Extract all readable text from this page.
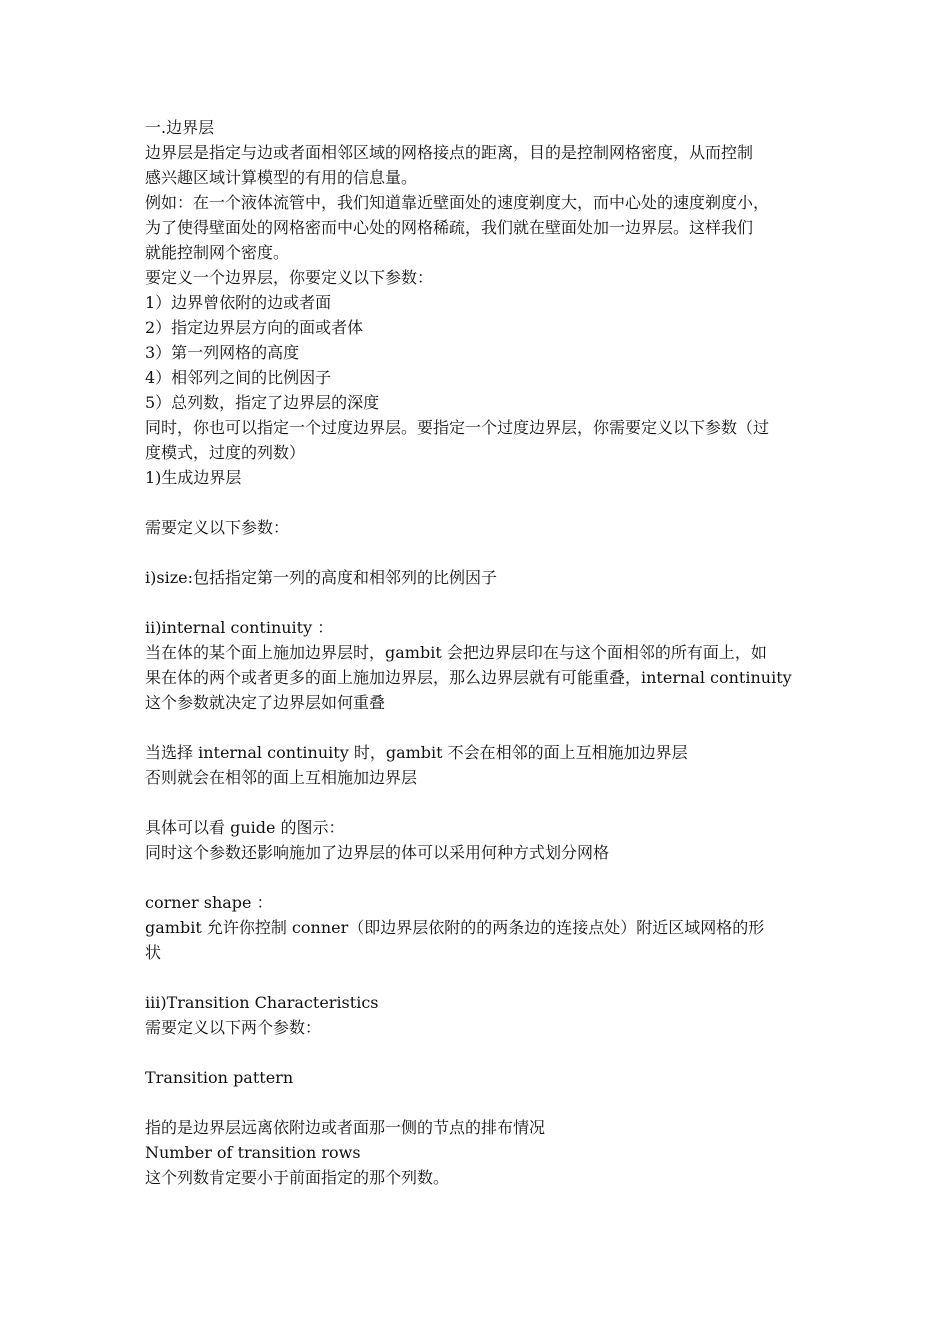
一.边界层
边界层是指定与边或者面相邻区域的网格接点的距离，目的是控制网格密度，从而控制
感兴趣区域计算模型的有用的信息量。
例如：在一个液体流管中，我们知道靠近壁面处的速度剃度大，而中心处的速度剃度小，
为了使得壁面处的网格密而中心处的网格稀疏，我们就在壁面处加一边界层。这样我们
就能控制网个密度。
要定义一个边界层，你要定义以下参数：
1）边界曾依附的边或者面
2）指定边界层方向的面或者体
3）第一列网格的高度
4）相邻列之间的比例因子
5）总列数，指定了边界层的深度
同时，你也可以指定一个过度边界层。要指定一个过度边界层，你需要定义以下参数（过
度模式，过度的列数）
1)生成边界层
需要定义以下参数：
i)size:包括指定第一列的高度和相邻列的比例因子
ii)internal continuity ：
当在体的某个面上施加边界层时，gambit 会把边界层印在与这个面相邻的所有面上，如
果在体的两个或者更多的面上施加边界层，那么边界层就有可能重叠，internal continuity
这个参数就决定了边界层如何重叠
当选择 internal continuity 时，gambit 不会在相邻的面上互相施加边界层
否则就会在相邻的面上互相施加边界层
具体可以看 guide 的图示：
同时这个参数还影响施加了边界层的体可以采用何种方式划分网格
corner shape ：
gambit 允许你控制 conner（即边界层依附的的两条边的连接点处）附近区域网格的形
状
iii)Transition Characteristics
需要定义以下两个参数：
Transition pattern
指的是边界层远离依附边或者面那一侧的节点的排布情况
Number of transition rows
这个列数肯定要小于前面指定的那个列数。
